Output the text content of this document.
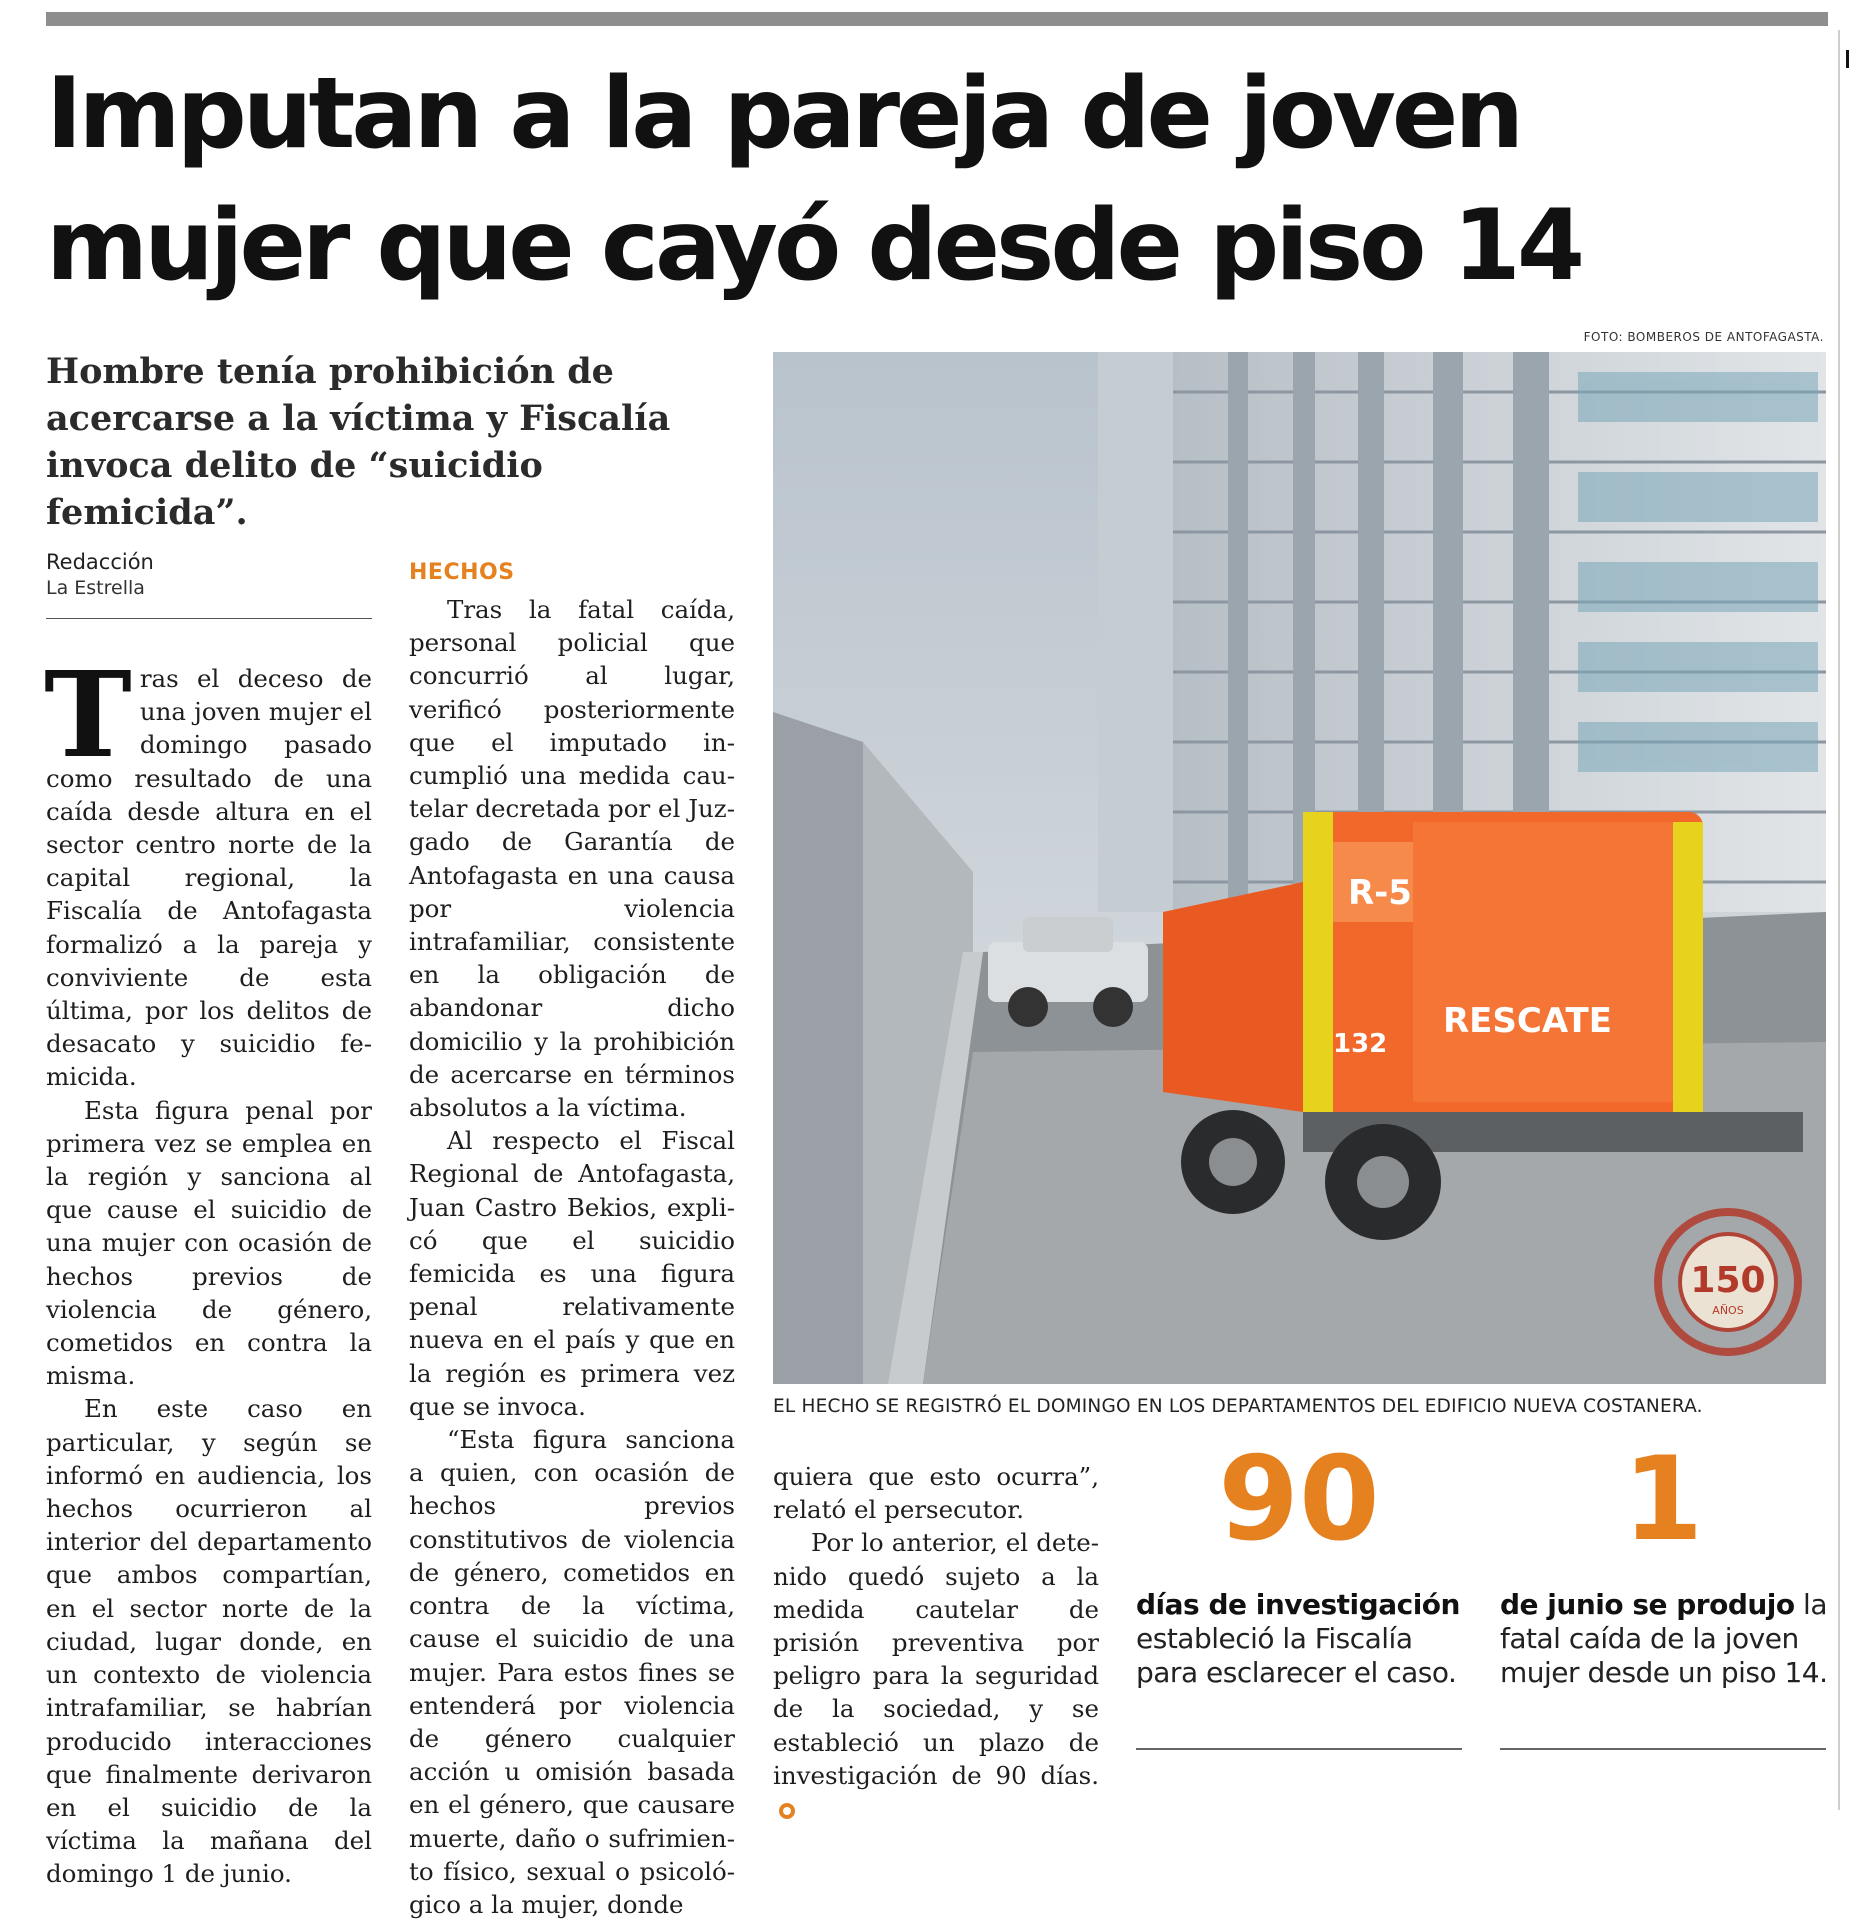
Imputan a la pareja de joven
mujer que cayó desde piso 14
FOTO: BOMBEROS DE ANTOFAGASTA.

Hombre tenía prohibición de acercarse a la víctima y Fiscalía invoca delito de “suicidio femicida”.

Redacción
La Estrella

Tras el deceso de una joven mujer el domingo pasado como resultado de una caída desde altura en el sector centro norte de la capital regional, la Fiscalía de Antofagasta formalizó a la pareja y conviviente de esta última, por los delitos de desacato y suicidio femicida.

Esta figura penal por primera vez se emplea en la región y sanciona al que cause el suicidio de una mujer con ocasión de hechos previos de violencia de género, cometidos en contra la misma.

En este caso en particular, y según se informó en audiencia, los hechos ocurrieron al interior del departamento que ambos compartían, en el sector norte de la ciudad, lugar donde, en un contexto de violencia intrafamiliar, se habrían producido interacciones que finalmente derivaron en el suicidio de la víctima la mañana del domingo 1 de junio.

HECHOS

Tras la fatal caída, personal policial que concurrió al lugar, verificó posteriormente que el imputado incumplió una medida cautelar decretada por el Juzgado de Garantía de Antofagasta en una causa por violencia intrafamiliar, consistente en la obligación de abandonar dicho domicilio y la prohibición de acercarse en términos absolutos a la víctima.

Al respecto el Fiscal Regional de Antofagasta, Juan Castro Bekios, explicó que el suicidio femicida es una figura penal relativamente nueva en el país y que en la región es primera vez que se invoca.

“Esta figura sanciona a quien, con ocasión de hechos previos constitutivos de violencia de género, cometidos en contra de la víctima, cause el suicidio de una mujer. Para estos fines se entenderá por violencia de género cualquier acción u omisión basada en el género, que causare muerte, daño o sufrimiento físico, sexual o psicológico a la mujer, donde

R-5
RESCATE
132
150
AÑOS
EL HECHO SE REGISTRÓ EL DOMINGO EN LOS DEPARTAMENTOS DEL EDIFICIO NUEVA COSTANERA.

quiera que esto ocurra”, relató el persecutor.

Por lo anterior, el detenido quedó sujeto a la medida cautelar de prisión preventiva por peligro para la seguridad de la sociedad, y se estableció un plazo de investigación de 90 días.

90
días de investigación
estableció la Fiscalía para esclarecer el caso.
1
de junio se produjo la fatal caída de la joven mujer desde un piso 14.
